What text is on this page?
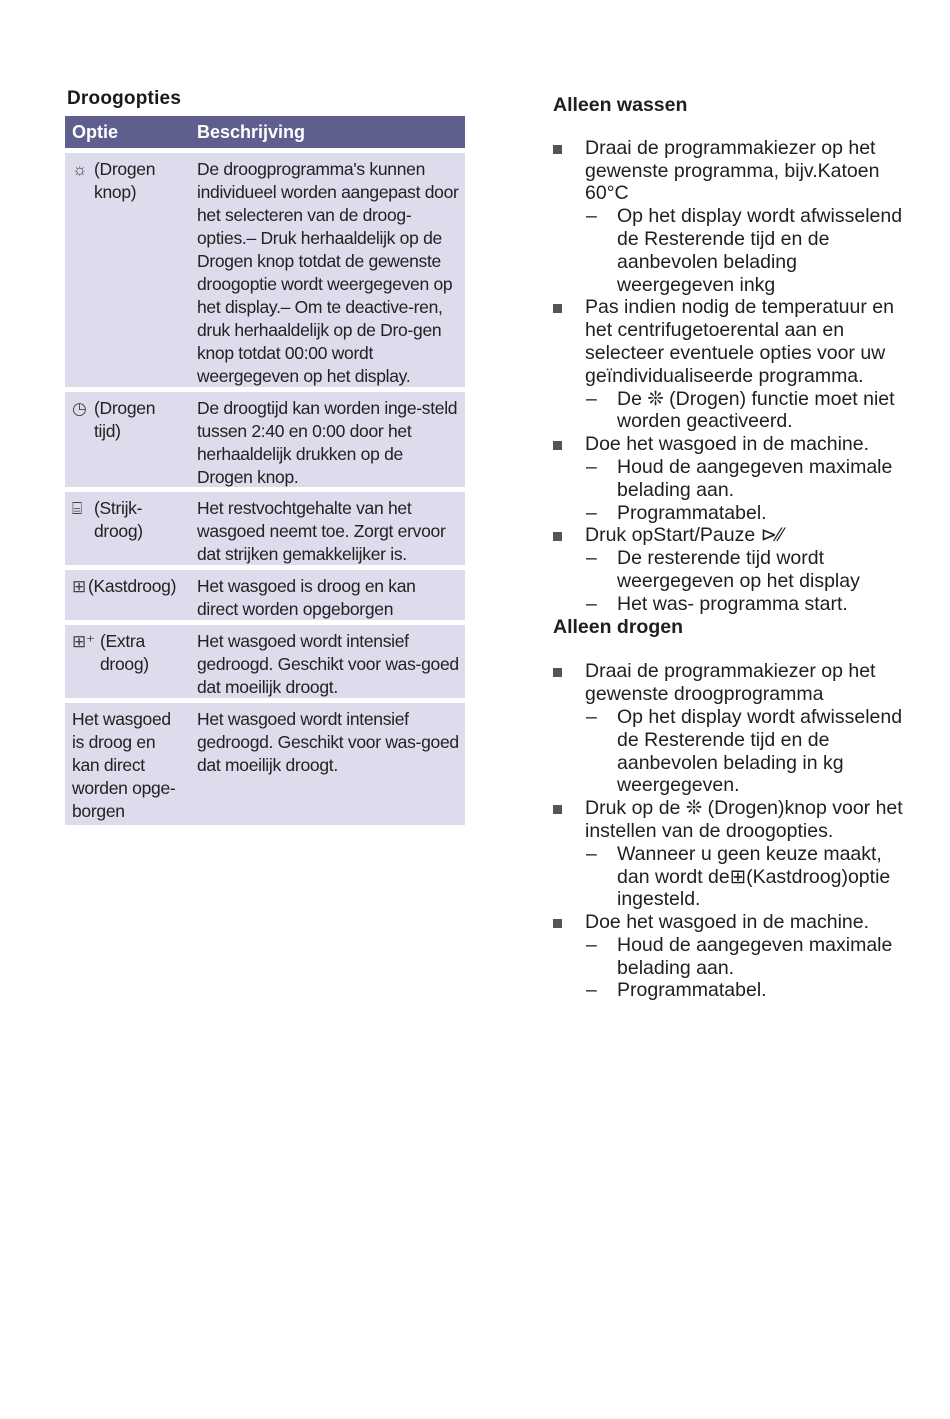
Droogopties
Optie	Beschrijving
☼ (Drogen knop)
De droogprogramma's kunnen individueel worden aangepast door het selecteren van de droog-opties.– Druk herhaaldelijk op de Drogen knop totdat de gewenste droogoptie wordt weergegeven op het display.– Om te deactive-ren, druk herhaaldelijk op de Dro-gen knop totdat 00:00 wordt weergegeven op het display.
◷ (Drogen tijd)
De droogtijd kan worden inge-steld tussen 2:40 en 0:00 door het herhaaldelijk drukken op de Drogen knop.
⌸ (Strijk-droog)
Het restvochtgehalte van het wasgoed neemt toe. Zorgt ervoor dat strijken gemakkelijker is.
⊞ (Kastdroog)	Het wasgoed is droog en kan direct worden opgeborgen
⊞⁺ (Extra droog)
Het wasgoed wordt intensief gedroogd. Geschikt voor was-goed dat moeilijk droogt.
Het wasgoed is droog en kan direct worden opge-borgen
Het wasgoed wordt intensief gedroogd. Geschikt voor was-goed dat moeilijk droogt.
Alleen wassen
Draai de programmakiezer op het gewenste programma, bijv.Katoen 60°C
– Op het display wordt afwisselend de Resterende tijd en de aanbevolen belading weergegeven inkg
Pas indien nodig de temperatuur en het centrifugetoerental aan en selecteer eventuele opties voor uw geïndividualiseerde programma.
– De ❊ (Drogen) functie moet niet worden geactiveerd.
Doe het wasgoed in de machine.
– Houd de aangegeven maximale belading aan.
– Programmatabel.
Druk opStart/Pauze ⊳⁄⁄
– De resterende tijd wordt weergegeven op het display
– Het was- programma start.
Alleen drogen
Draai de programmakiezer op het gewenste droogprogramma
– Op het display wordt afwisselend de Resterende tijd en de aanbevolen belading in kg weergegeven.
Druk op de ❊ (Drogen)knop voor het instellen van de droogopties.
– Wanneer u geen keuze maakt, dan wordt de⊞(Kastdroog)optie ingesteld.
Doe het wasgoed in de machine.
– Houd de aangegeven maximale belading aan.
– Programmatabel.
